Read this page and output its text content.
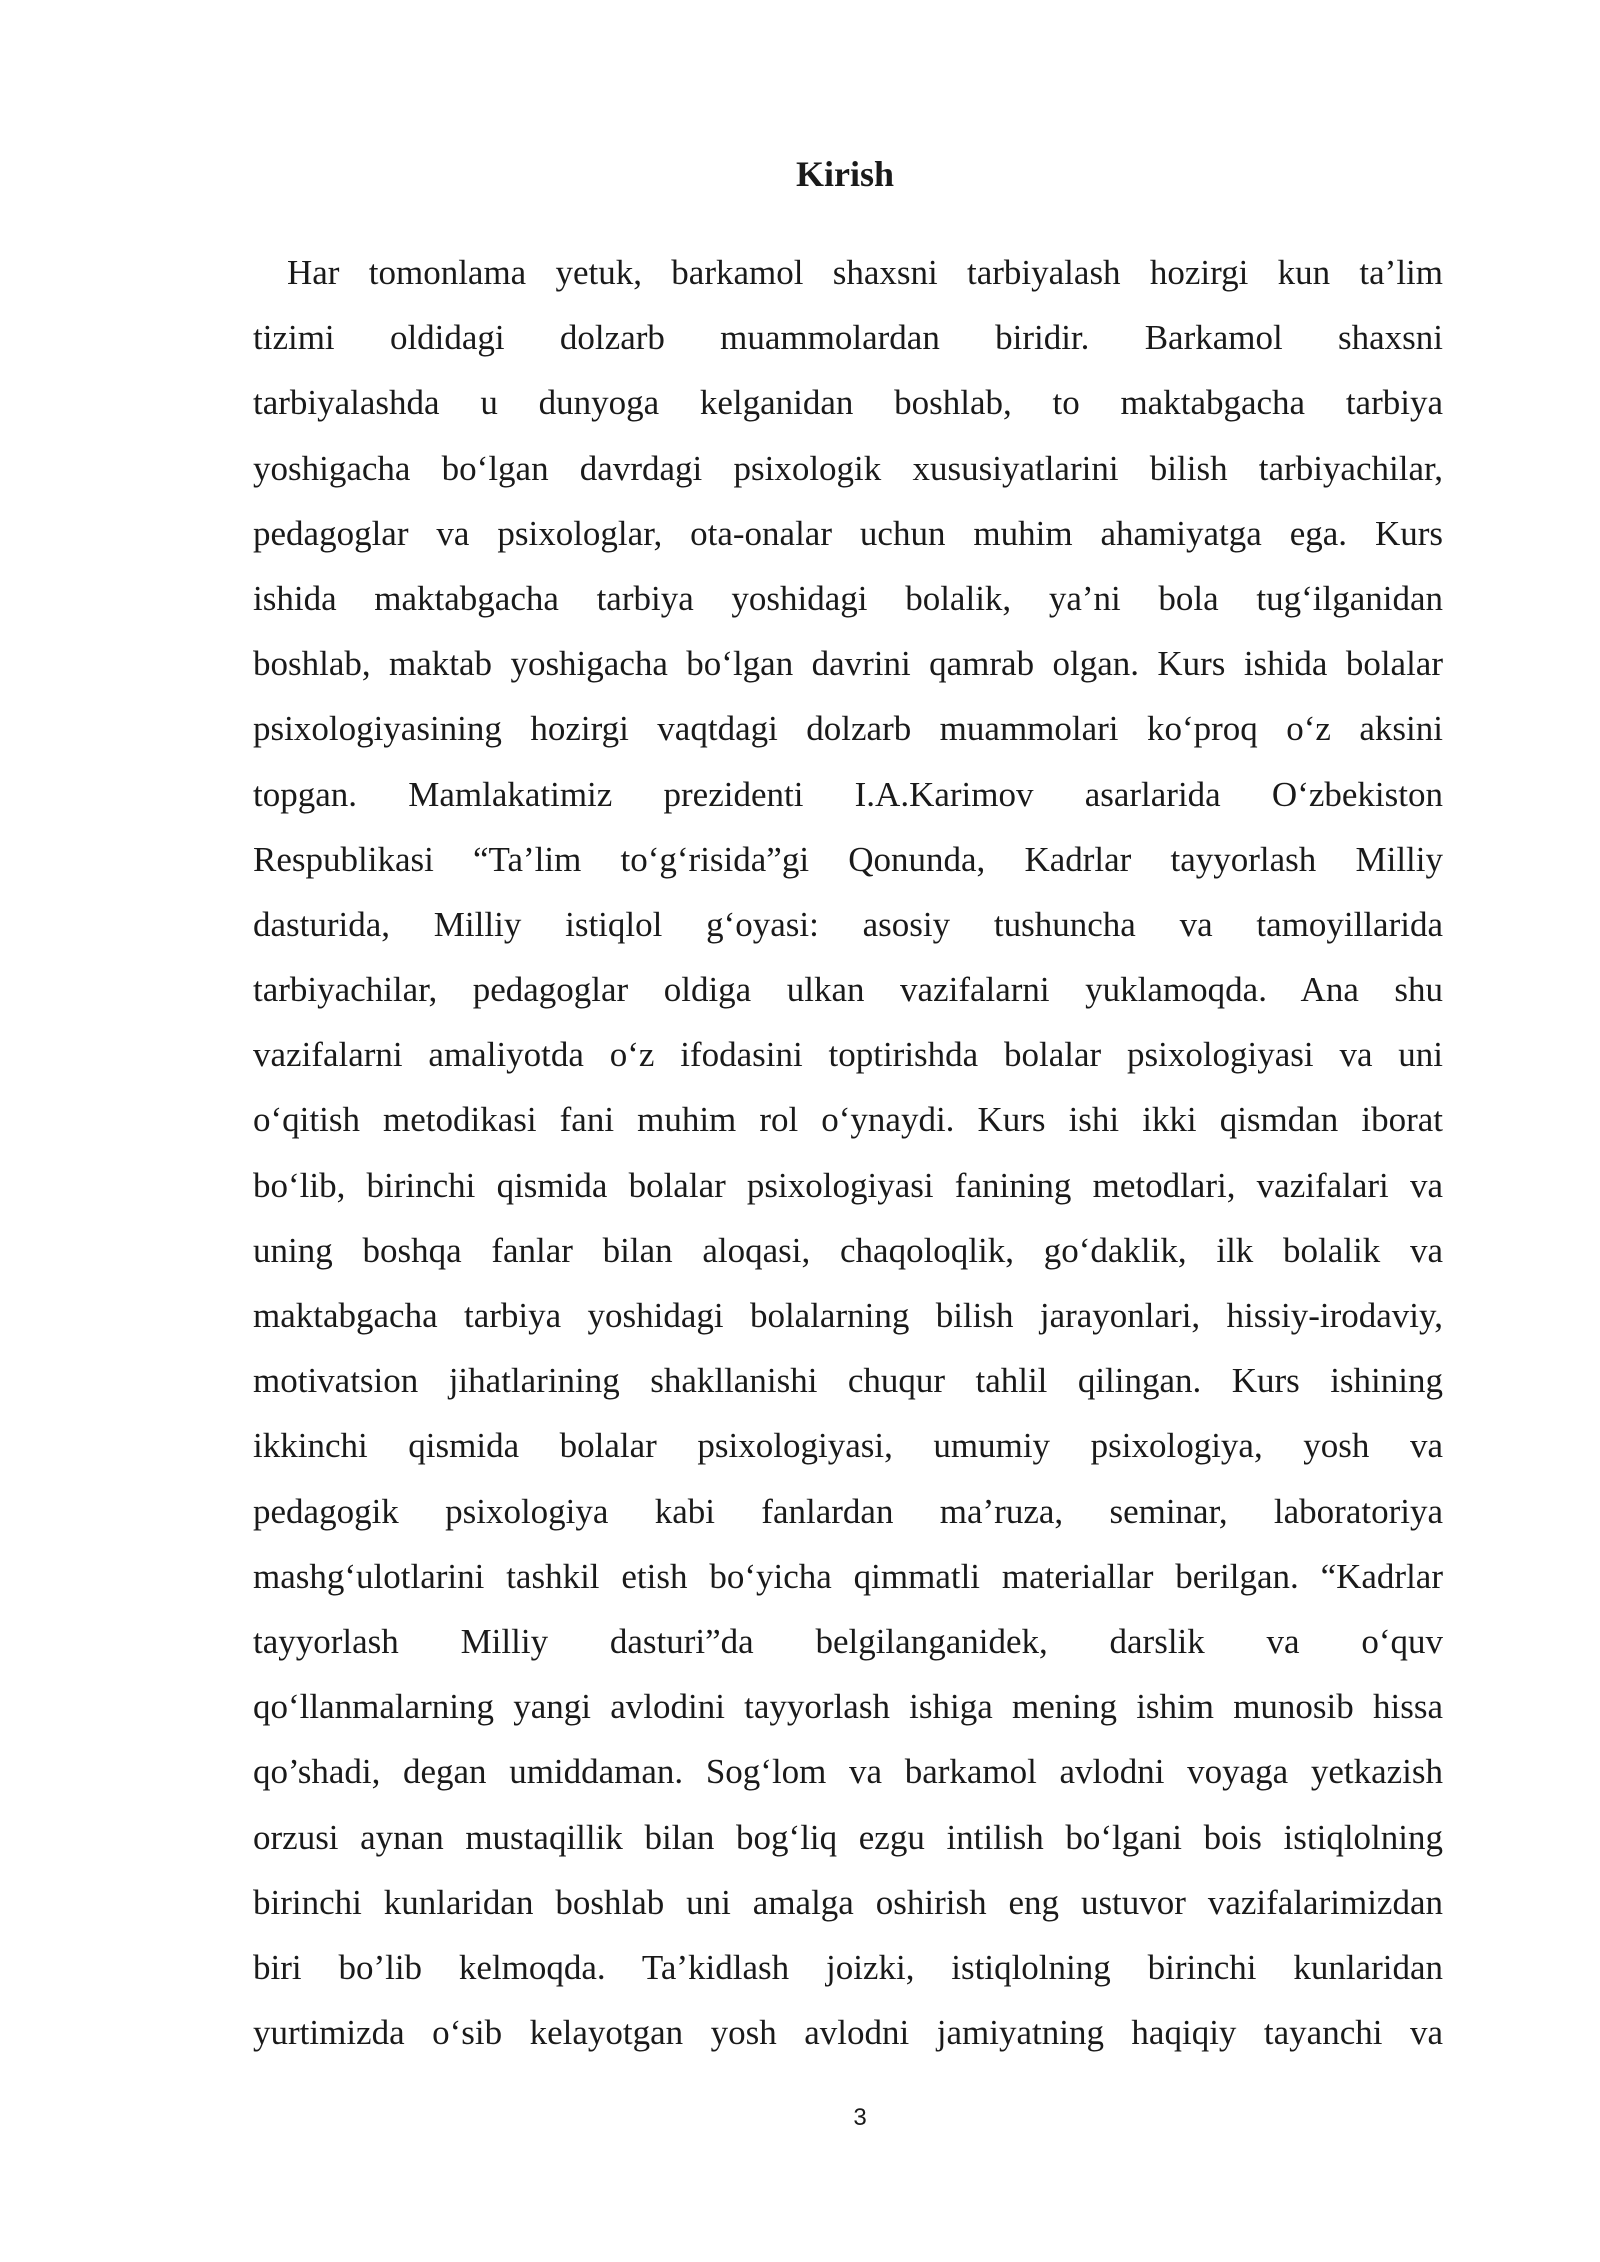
Kirish
Har tomonlama yetuk, barkamol shaxsni tarbiyalash hozirgi kun ta’lim
tizimi oldidagi dolzarb muammolardan biridir. Barkamol shaxsni
tarbiyalashda u dunyoga kelganidan boshlab, to maktabgacha tarbiya
yoshigacha bo‘lgan davrdagi psixologik xususiyatlarini bilish tarbiyachilar,
pedagoglar va psixologlar, ota-onalar uchun muhim ahamiyatga ega. Kurs
ishida maktabgacha tarbiya yoshidagi bolalik, ya’ni bola tug‘ilganidan
boshlab, maktab yoshigacha bo‘lgan davrini qamrab olgan. Kurs ishida bolalar
psixologiyasining hozirgi vaqtdagi dolzarb muammolari ko‘proq o‘z aksini
topgan. Mamlakatimiz prezidenti I.A.Karimov asarlarida O‘zbekiston
Respublikasi “Ta’lim to‘g‘risida”gi Qonunda, Kadrlar tayyorlash Milliy
dasturida, Milliy istiqlol g‘oyasi: asosiy tushuncha va tamoyillarida
tarbiyachilar, pedagoglar oldiga ulkan vazifalarni yuklamoqda. Ana shu
vazifalarni amaliyotda o‘z ifodasini toptirishda bolalar psixologiyasi va uni
o‘qitish metodikasi fani muhim rol o‘ynaydi. Kurs ishi ikki qismdan iborat
bo‘lib, birinchi qismida bolalar psixologiyasi fanining metodlari, vazifalari va
uning boshqa fanlar bilan aloqasi, chaqoloqlik, go‘daklik, ilk bolalik va
maktabgacha tarbiya yoshidagi bolalarning bilish jarayonlari, hissiy-irodaviy,
motivatsion jihatlarining shakllanishi chuqur tahlil qilingan. Kurs ishining
ikkinchi qismida bolalar psixologiyasi, umumiy psixologiya, yosh va
pedagogik psixologiya kabi fanlardan ma’ruza, seminar, laboratoriya
mashg‘ulotlarini tashkil etish bo‘yicha qimmatli materiallar berilgan. “Kadrlar
tayyorlash Milliy dasturi”da belgilanganidek, darslik va o‘quv
qo‘llanmalarning yangi avlodini tayyorlash ishiga mening ishim munosib hissa
qo’shadi, degan umiddaman. Sog‘lom va barkamol avlodni voyaga yetkazish
orzusi aynan mustaqillik bilan bog‘liq ezgu intilish bo‘lgani bois istiqlolning
birinchi kunlaridan boshlab uni amalga oshirish eng ustuvor vazifalarimizdan
biri bo’lib kelmoqda. Ta’kidlash joizki, istiqlolning birinchi kunlaridan
yurtimizda o‘sib kelayotgan yosh avlodni jamiyatning haqiqiy tayanchi va
3
